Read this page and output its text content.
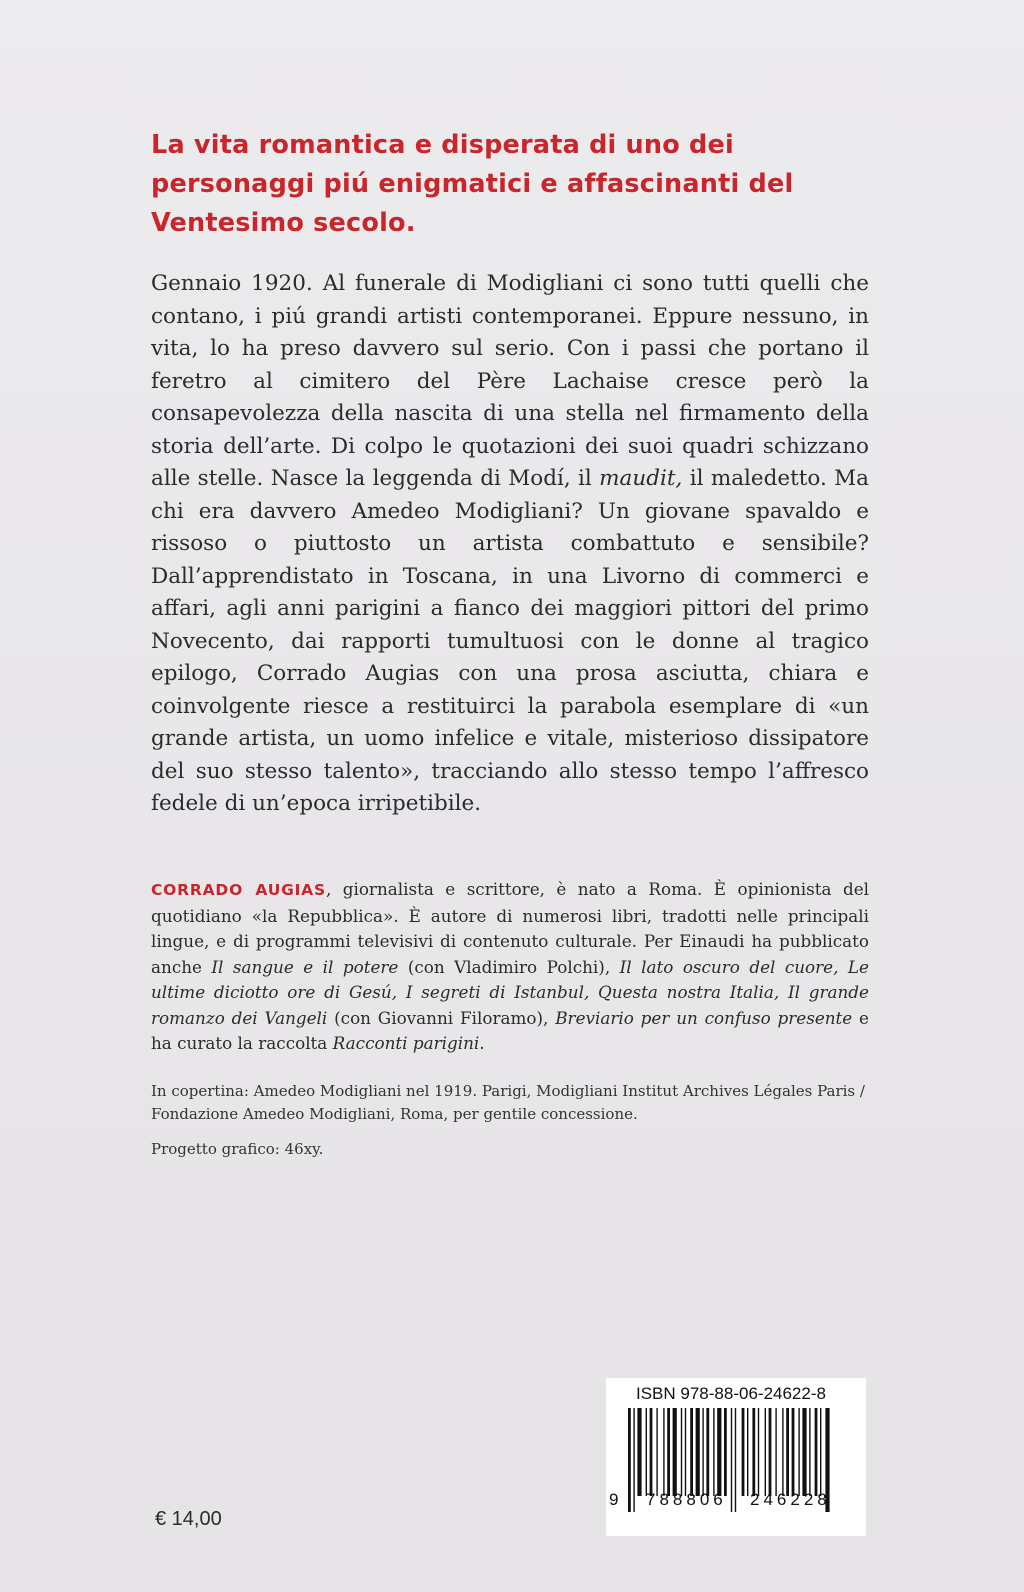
La vita romantica e disperata di uno dei personaggi piú enigmatici e affascinanti del Ventesimo secolo.

Gennaio 1920. Al funerale di Modigliani ci sono tutti quelli che contano, i piú grandi artisti contemporanei. Eppure nessuno, in vita, lo ha preso davvero sul serio. Con i passi che portano il feretro al cimitero del Père Lachaise cresce però la consapevolezza della nascita di una stella nel firmamento della storia dell’arte. Di colpo le quotazioni dei suoi quadri schizzano alle stelle. Nasce la leggenda di Modí, il maudit, il maledetto. Ma chi era davvero Amedeo Modigliani? Un giovane spavaldo e rissoso o piuttosto un artista combattuto e sensibile? Dall’apprendistato in Toscana, in una Livorno di commerci e affari, agli anni parigini a fianco dei maggiori pittori del primo Novecento, dai rapporti tumultuosi con le donne al tragico epilogo, Corrado Augias con una prosa asciutta, chiara e coinvolgente riesce a restituirci la parabola esemplare di «un grande artista, un uomo infelice e vitale, misterioso dissipatore del suo stesso talento», tracciando allo stesso tempo l’affresco fedele di un’epoca irripetibile.

CORRADO AUGIAS, giornalista e scrittore, è nato a Roma. È opinionista del quotidiano «la Repubblica». È autore di numerosi libri, tradotti nelle principali lingue, e di programmi televisivi di contenuto culturale. Per Einaudi ha pubblicato anche Il sangue e il potere (con Vladimiro Polchi), Il lato oscuro del cuore, Le ultime diciotto ore di Gesú, I segreti di Istanbul, Questa nostra Italia, Il grande romanzo dei Vangeli (con Giovanni Filoramo), Breviario per un confuso presente e ha curato la raccolta Racconti parigini.

In copertina: Amedeo Modigliani nel 1919. Parigi, Modigliani Institut Archives Légales Paris / Fondazione Amedeo Modigliani, Roma, per gentile concessione.

Progetto grafico: 46xy.

€ 14,00
ISBN 978-88-06-24622-8
9 788806 246228
